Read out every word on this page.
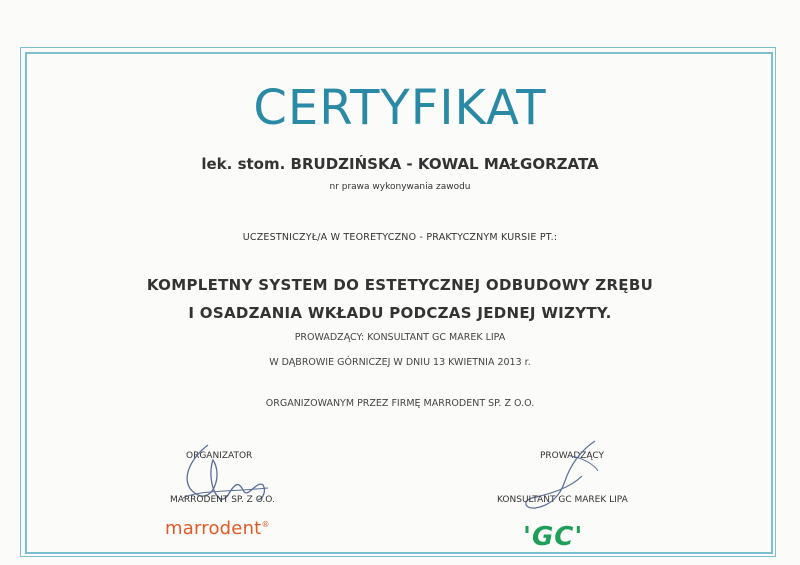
CERTYFIKAT
lek. stom. BRUDZIŃSKA - KOWAL MAŁGORZATA
nr prawa wykonywania zawodu
UCZESTNICZYŁ/A W TEORETYCZNO - PRAKTYCZNYM KURSIE PT.:
KOMPLETNY SYSTEM DO ESTETYCZNEJ ODBUDOWY ZRĘBU
I OSADZANIA WKŁADU PODCZAS JEDNEJ WIZYTY.
PROWADZĄCY: KONSULTANT GC MAREK LIPA
W DĄBROWIE GÓRNICZEJ W DNIU 13 KWIETNIA 2013 r.
ORGANIZOWANYM PRZEZ FIRMĘ MARRODENT SP. Z O.O.
ORGANIZATOR
MARRODENT SP. Z O.O.
marrodent®
PROWADZĄCY
KONSULTANT GC MAREK LIPA
'GC'
